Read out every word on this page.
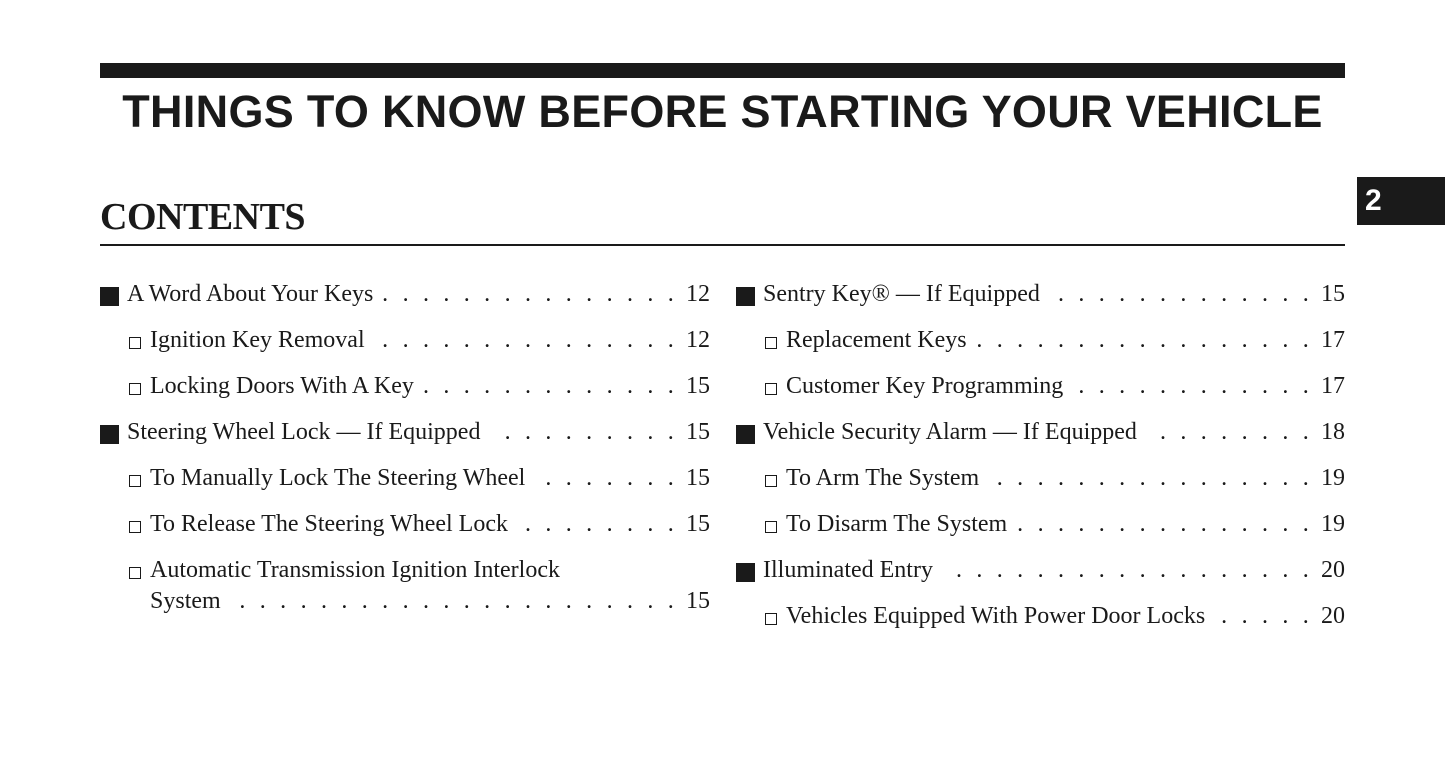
THINGS TO KNOW BEFORE STARTING YOUR VEHICLE
2
CONTENTS
A Word About Your Keys . . .	12
Ignition Key Removal . . .	12
Locking Doors With A Key . . .	15
Steering Wheel Lock — If Equipped . . .	15
To Manually Lock The Steering Wheel . . .	15
To Release The Steering Wheel Lock . . .	15
Automatic Transmission Ignition Interlock
System . . .	15
Sentry Key® — If Equipped . . .	15
Replacement Keys . . .	17
Customer Key Programming . . .	17
Vehicle Security Alarm — If Equipped . . .	18
To Arm The System . . .	19
To Disarm The System . . .	19
Illuminated Entry . . .	20
Vehicles Equipped With Power Door Locks . . .	20
